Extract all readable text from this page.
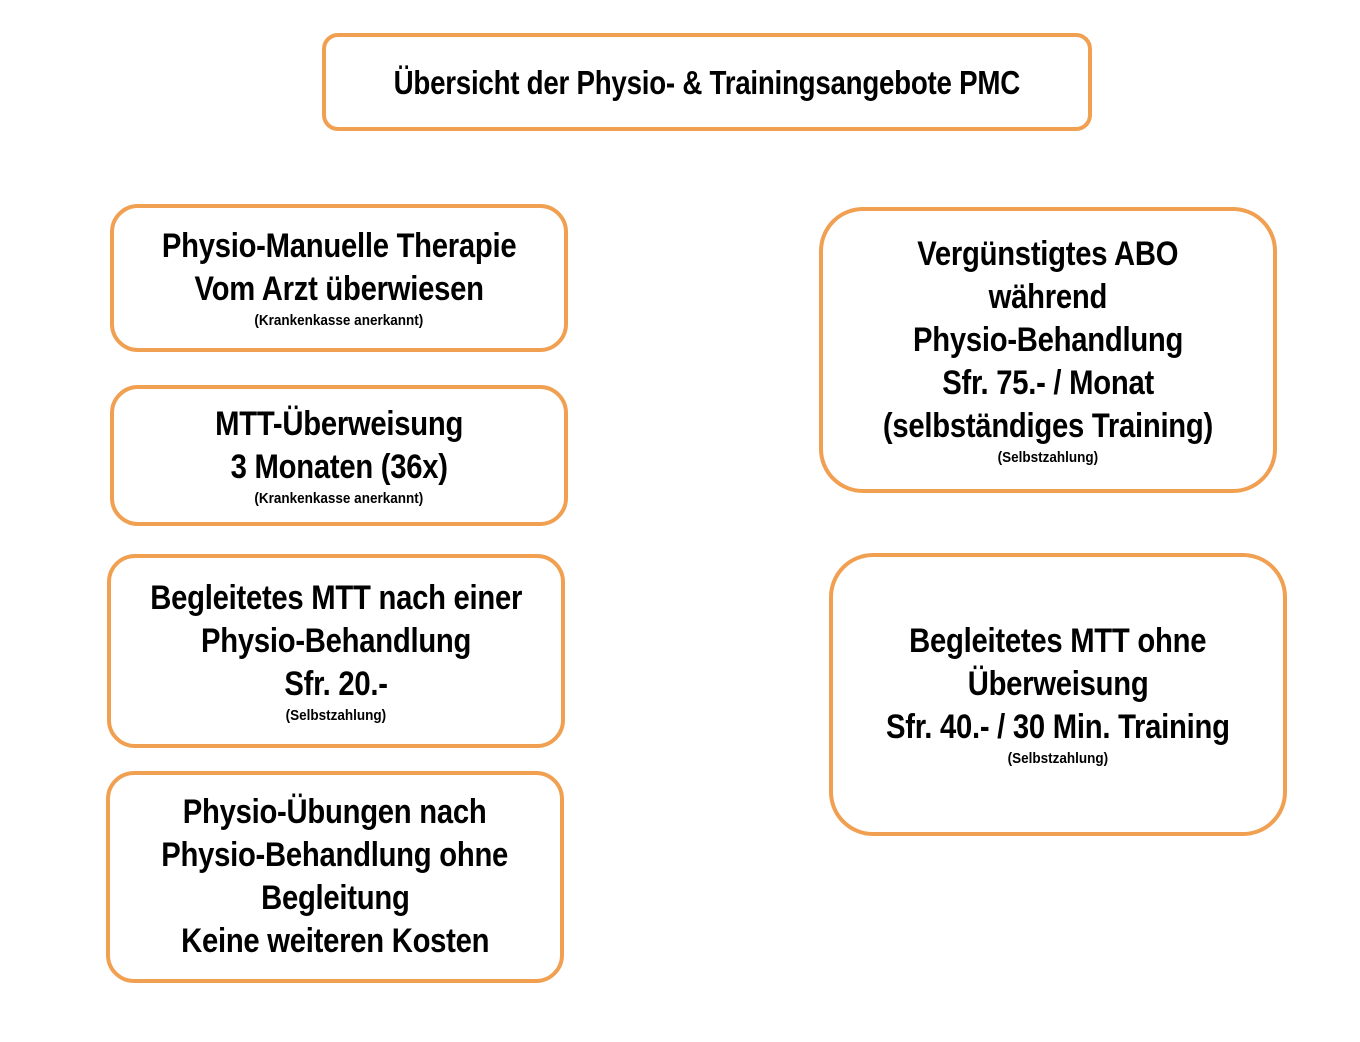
Übersicht der Physio- & Trainingsangebote PMC
Physio-Manuelle Therapie
Vom Arzt überwiesen
(Krankenkasse anerkannt)
MTT-Überweisung
3 Monaten (36x)
(Krankenkasse anerkannt)
Begleitetes MTT nach einer
Physio-Behandlung
Sfr. 20.-
(Selbstzahlung)
Physio-Übungen nach
Physio-Behandlung ohne
Begleitung
Keine weiteren Kosten
Vergünstigtes ABO
während
Physio-Behandlung
Sfr. 75.- / Monat
(selbständiges Training)
(Selbstzahlung)
Begleitetes MTT ohne
Überweisung
Sfr. 40.- / 30 Min. Training
(Selbstzahlung)
